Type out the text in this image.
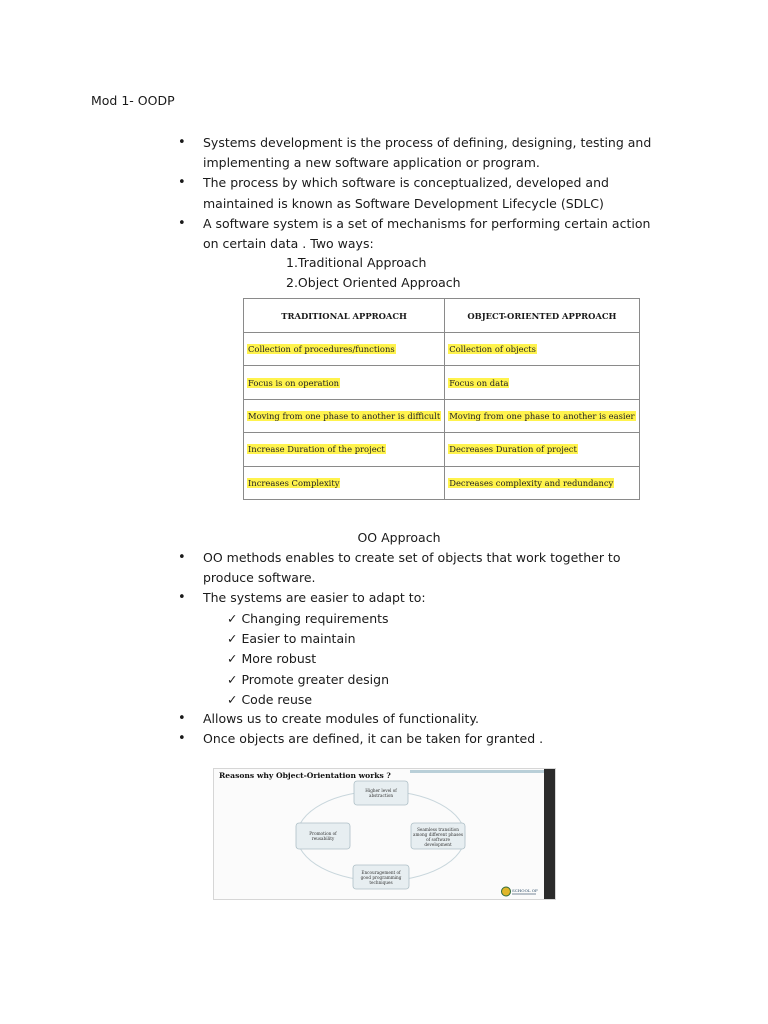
Mod 1- OODP
• Systems development is the process of defining, designing, testing and implementing a new software application or program.
• The process by which software is conceptualized, developed and maintained is known as Software Development Lifecycle (SDLC)
• A software system is a set of mechanisms for performing certain action on certain data . Two ways:
1.Traditional Approach
2.Object Oriented Approach
TRADITIONAL APPROACH	OBJECT-ORIENTED APPROACH
Collection of procedures/functions	Collection of objects
Focus is on operation	Focus on data
Moving from one phase to another is difficult	Moving from one phase to another is easier
Increase Duration of the project	Decreases Duration of project
Increases Complexity	Decreases complexity and redundancy
OO Approach
• OO methods enables to create set of objects that work together to produce software.
• The systems are easier to adapt to:
✓ Changing requirements
✓ Easier to maintain
✓ More robust
✓ Promote greater design
✓ Code reuse
• Allows us to create modules of functionality.
• Once objects are defined, it can be taken for granted .
Reasons why Object-Orientation works ?
Higher level of abstraction
Seamless transition among different phases of software development
Encouragement of good programming techniques
Promotion of reusability
SCHOOL OF
